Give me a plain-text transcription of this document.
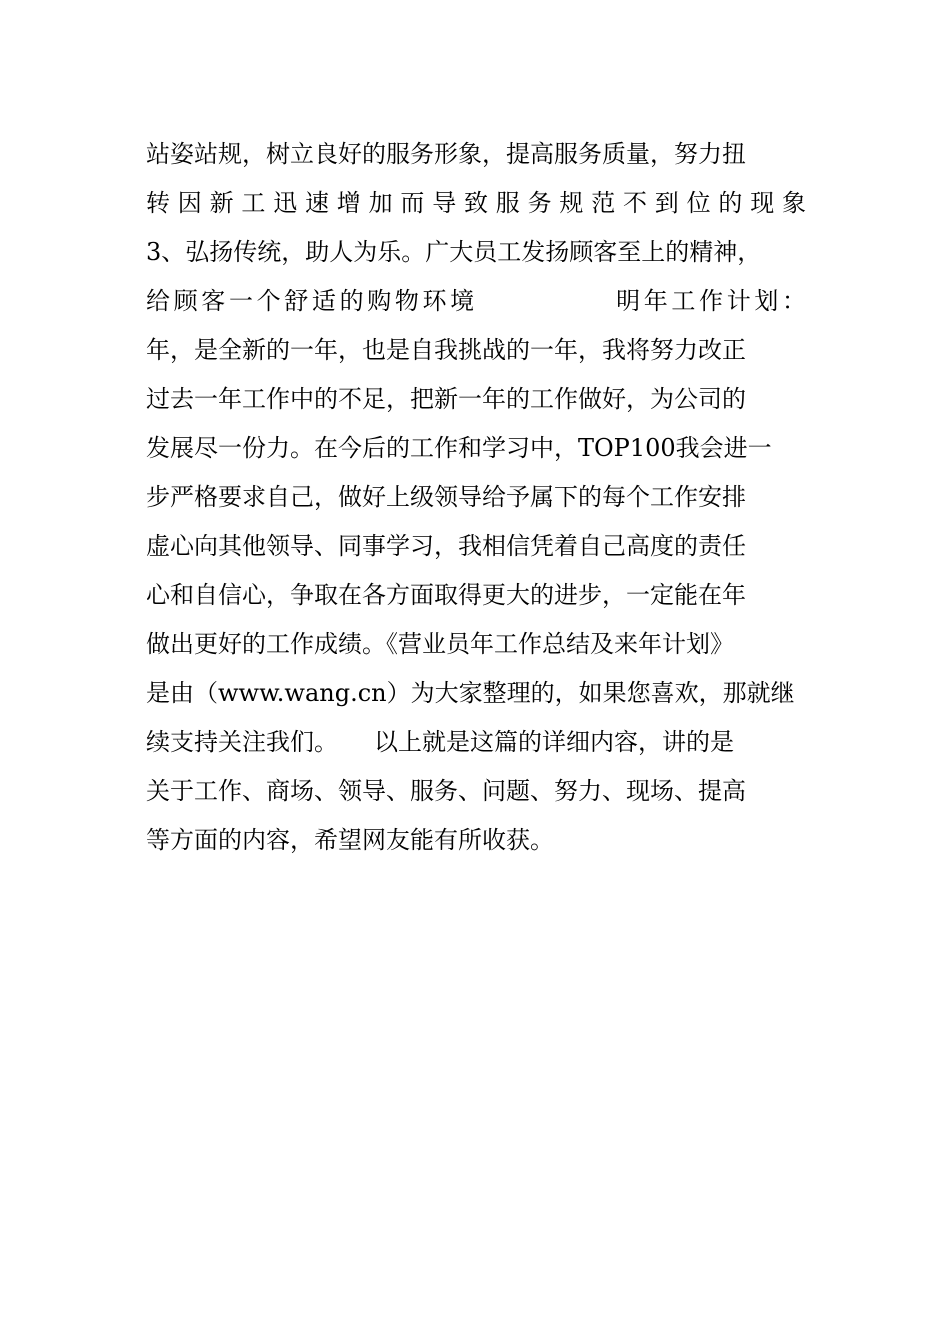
站姿站规，树立良好的服务形象，提高服务质量，努力扭
转因新工迅速增加而导致服务规范不到位的现象
3、弘扬传统，助人为乐。广大员工发扬顾客至上的精神，
给顾客一个舒适的购物环境　　　　　明年工作计划：
年，是全新的一年，也是自我挑战的一年，我将努力改正
过去一年工作中的不足，把新一年的工作做好，为公司的
发展尽一份力。在今后的工作和学习中，TOP100我会进一
步严格要求自己，做好上级领导给予属下的每个工作安排
虚心向其他领导、同事学习，我相信凭着自己高度的责任
心和自信心，争取在各方面取得更大的进步，一定能在年
做出更好的工作成绩。《营业员年工作总结及来年计划》
是由（www.wang.cn）为大家整理的，如果您喜欢，那就继
续支持关注我们。　　以上就是这篇的详细内容，讲的是
关于工作、商场、领导、服务、问题、努力、现场、提高
等方面的内容，希望网友能有所收获。
